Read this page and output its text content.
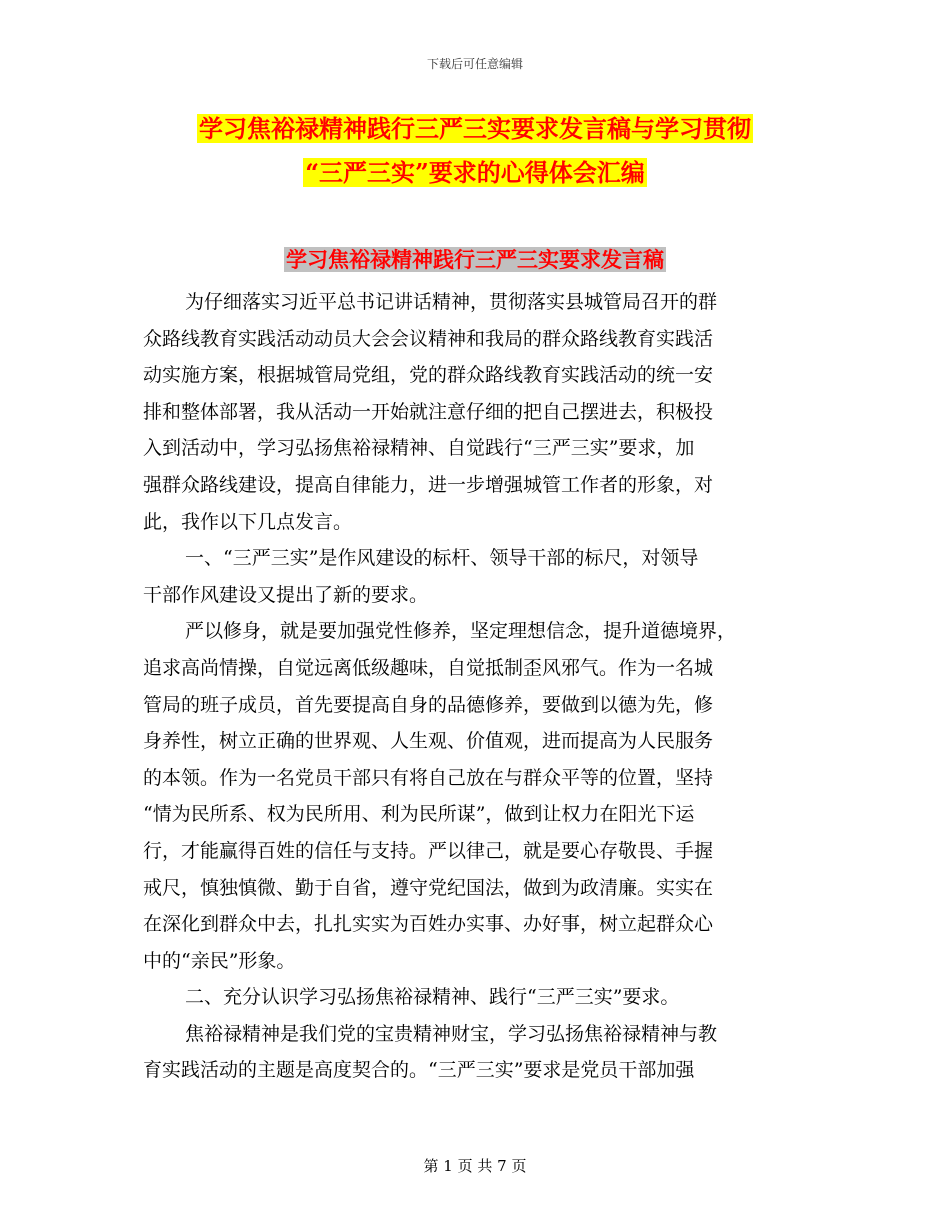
下载后可任意编辑
学习焦裕禄精神践行三严三实要求发言稿与学习贯彻
“三严三实”要求的心得体会汇编
学习焦裕禄精神践行三严三实要求发言稿
为仔细落实习近平总书记讲话精神，贯彻落实县城管局召开的群
众路线教育实践活动动员大会会议精神和我局的群众路线教育实践活
动实施方案，根据城管局党组，党的群众路线教育实践活动的统一安
排和整体部署，我从活动一开始就注意仔细的把自己摆进去，积极投
入到活动中，学习弘扬焦裕禄精神、自觉践行“三严三实”要求，加
强群众路线建设，提高自律能力，进一步增强城管工作者的形象，对
此，我作以下几点发言。
一、“三严三实”是作风建设的标杆、领导干部的标尺，对领导
干部作风建设又提出了新的要求。
严以修身，就是要加强党性修养，坚定理想信念，提升道德境界，
追求高尚情操，自觉远离低级趣味，自觉抵制歪风邪气。作为一名城
管局的班子成员，首先要提高自身的品德修养，要做到以德为先，修
身养性，树立正确的世界观、人生观、价值观，进而提高为人民服务
的本领。作为一名党员干部只有将自己放在与群众平等的位置，坚持
“情为民所系、权为民所用、利为民所谋”，做到让权力在阳光下运
行，才能赢得百姓的信任与支持。严以律己，就是要心存敬畏、手握
戒尺，慎独慎微、勤于自省，遵守党纪国法，做到为政清廉。实实在
在深化到群众中去，扎扎实实为百姓办实事、办好事，树立起群众心
中的“亲民”形象。
二、充分认识学习弘扬焦裕禄精神、践行“三严三实”要求。
焦裕禄精神是我们党的宝贵精神财宝，学习弘扬焦裕禄精神与教
育实践活动的主题是高度契合的。“三严三实”要求是党员干部加强
第 1 页 共 7 页
